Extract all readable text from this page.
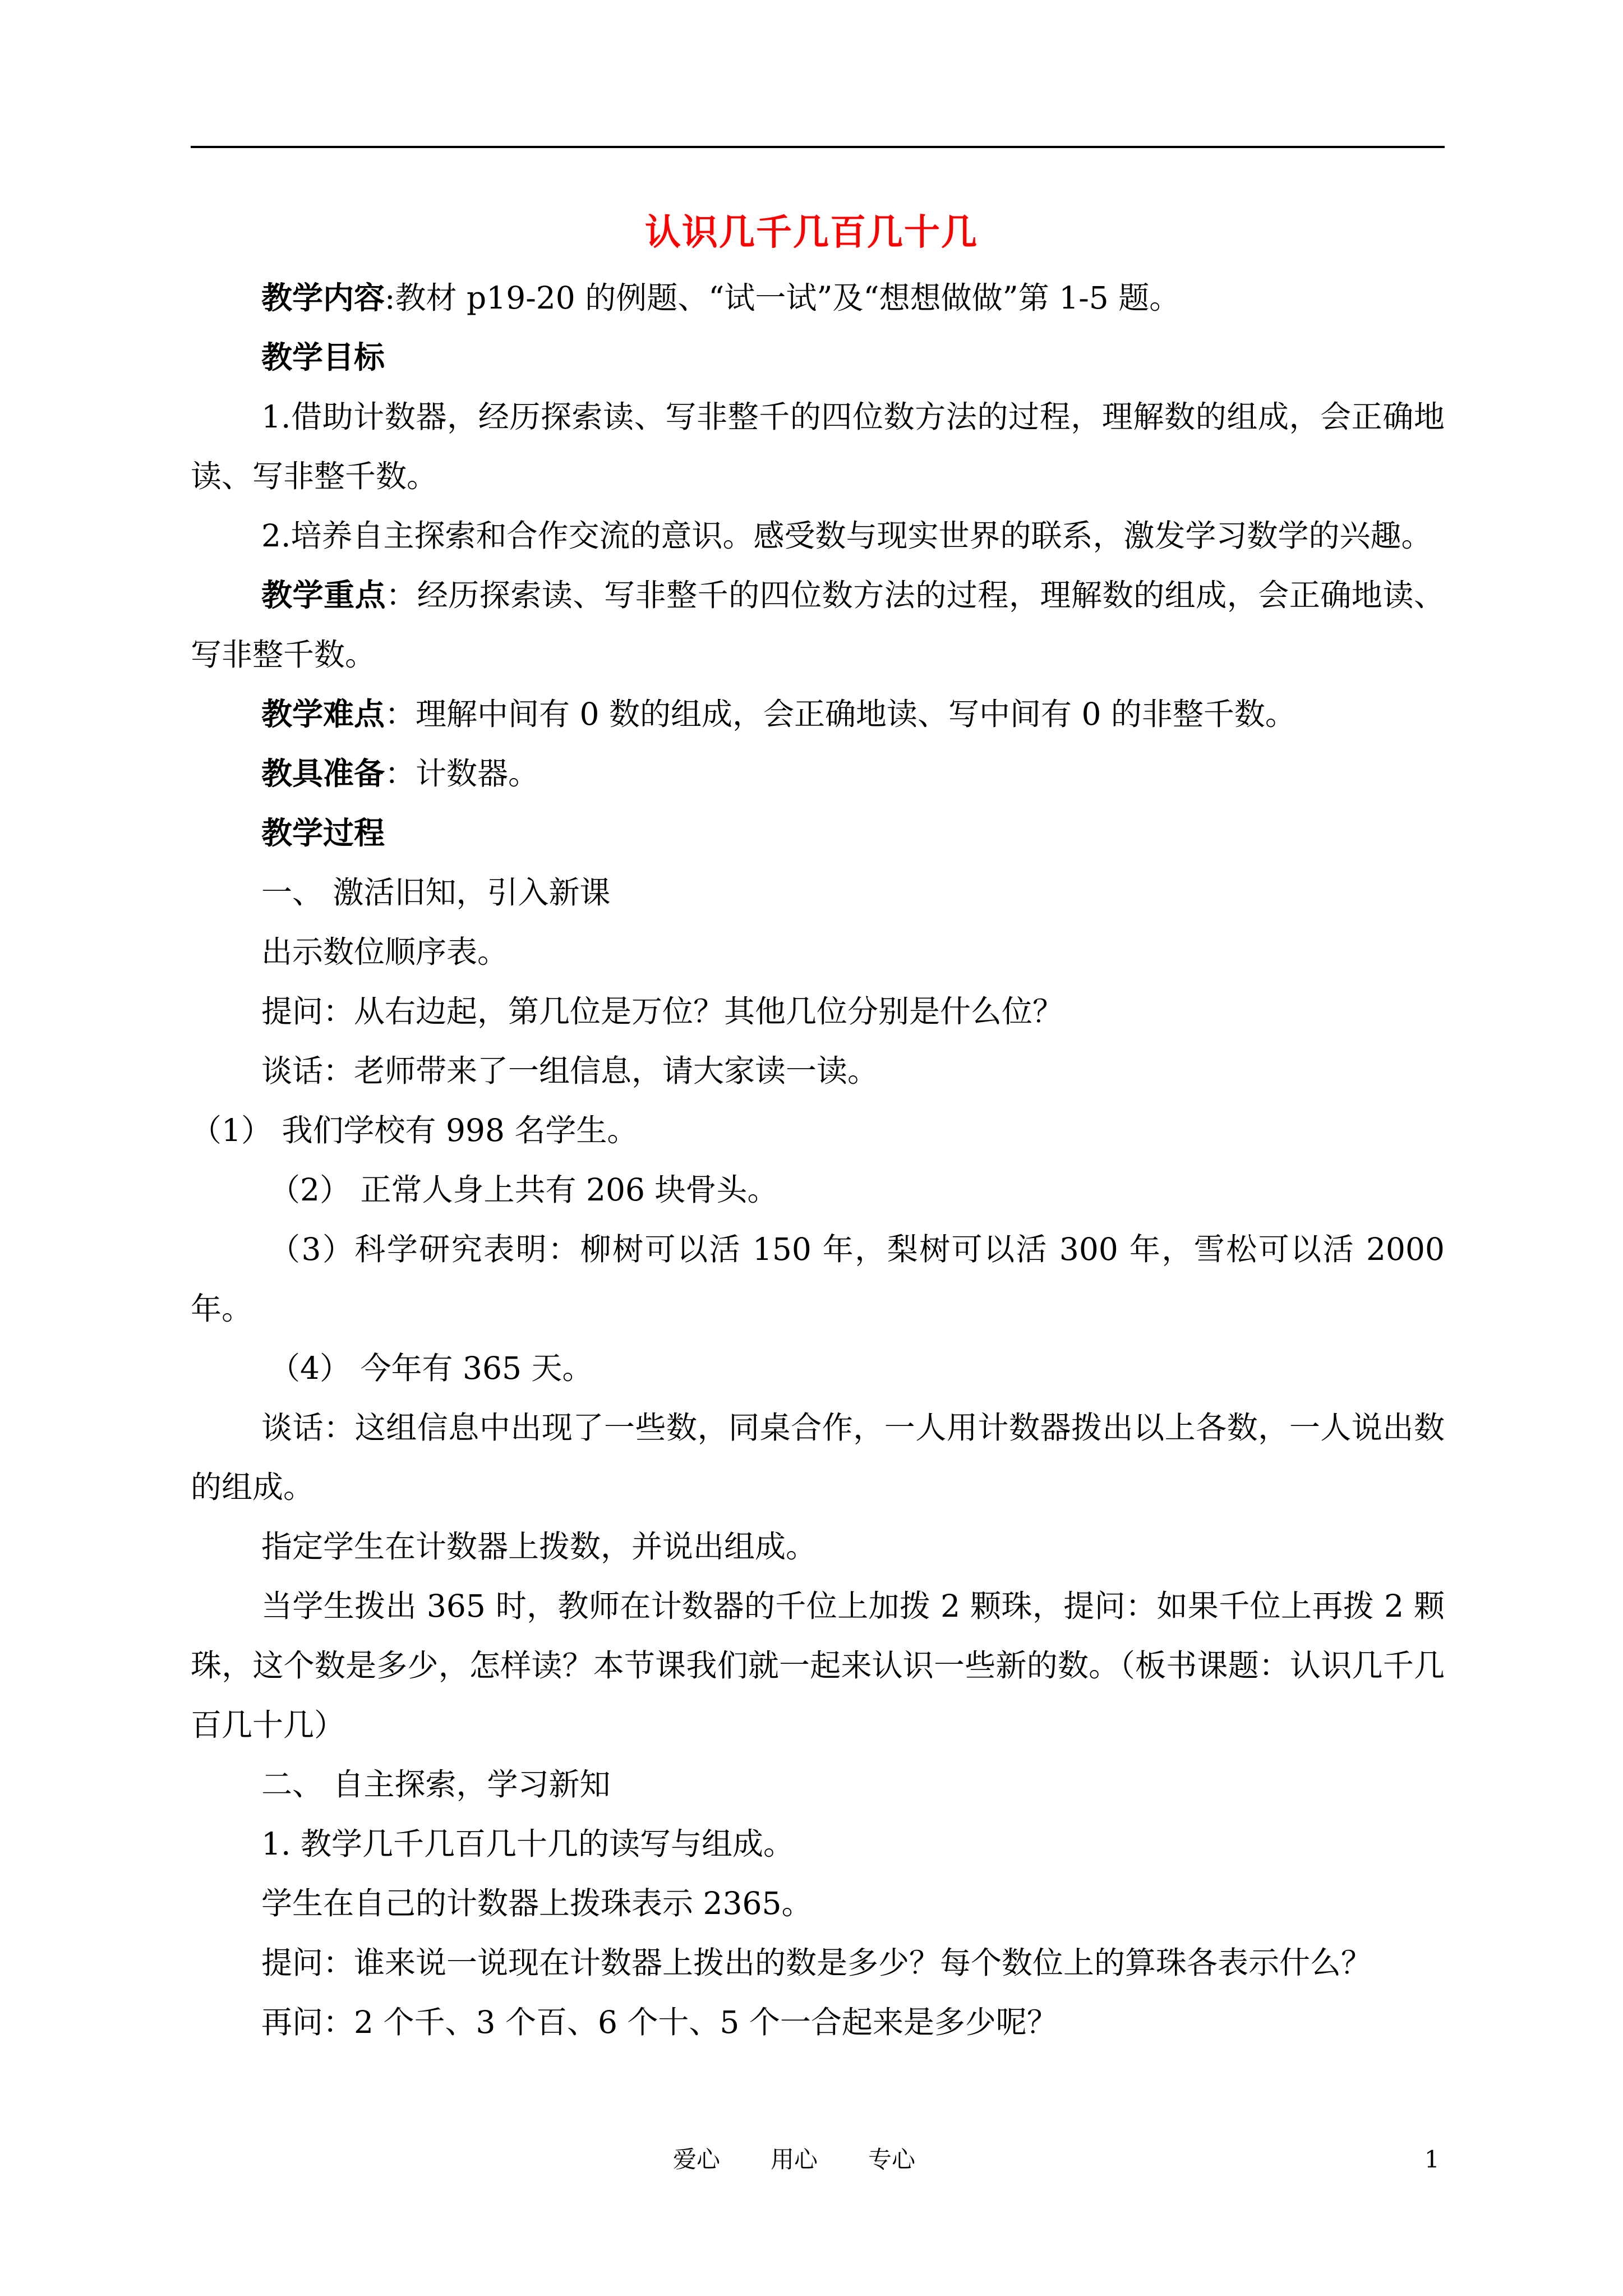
认识几千几百几十几

教学内容:教材 p19-20 的例题、“试一试”及“想想做做”第 1-5 题。

教学目标

1.借助计数器，经历探索读、写非整千的四位数方法的过程，理解数的组成，会正确地读、写非整千数。

2.培养自主探索和合作交流的意识。感受数与现实世界的联系，激发学习数学的兴趣。

教学重点：经历探索读、写非整千的四位数方法的过程，理解数的组成，会正确地读、写非整千数。

教学难点：理解中间有 0 数的组成，会正确地读、写中间有 0 的非整千数。

教具准备：计数器。

教学过程

一、 激活旧知，引入新课

出示数位顺序表。

提问：从右边起，第几位是万位？其他几位分别是什么位？

谈话：老师带来了一组信息，请大家读一读。

（1） 我们学校有 998 名学生。

（2） 正常人身上共有 206 块骨头。

（3）科学研究表明：柳树可以活 150 年，梨树可以活 300 年，雪松可以活 2000 年。

（4） 今年有 365 天。

谈话：这组信息中出现了一些数，同桌合作，一人用计数器拨出以上各数，一人说出数的组成。

指定学生在计数器上拨数，并说出组成。

当学生拨出 365 时，教师在计数器的千位上加拨 2 颗珠，提问：如果千位上再拨 2 颗珠，这个数是多少，怎样读？本节课我们就一起来认识一些新的数。（板书课题：认识几千几百几十几）

二、 自主探索，学习新知

1. 教学几千几百几十几的读写与组成。

学生在自己的计数器上拨珠表示 2365。

提问：谁来说一说现在计数器上拨出的数是多少？每个数位上的算珠各表示什么？

再问：2 个千、3 个百、6 个十、5 个一合起来是多少呢？

爱心 用心 专心	1
